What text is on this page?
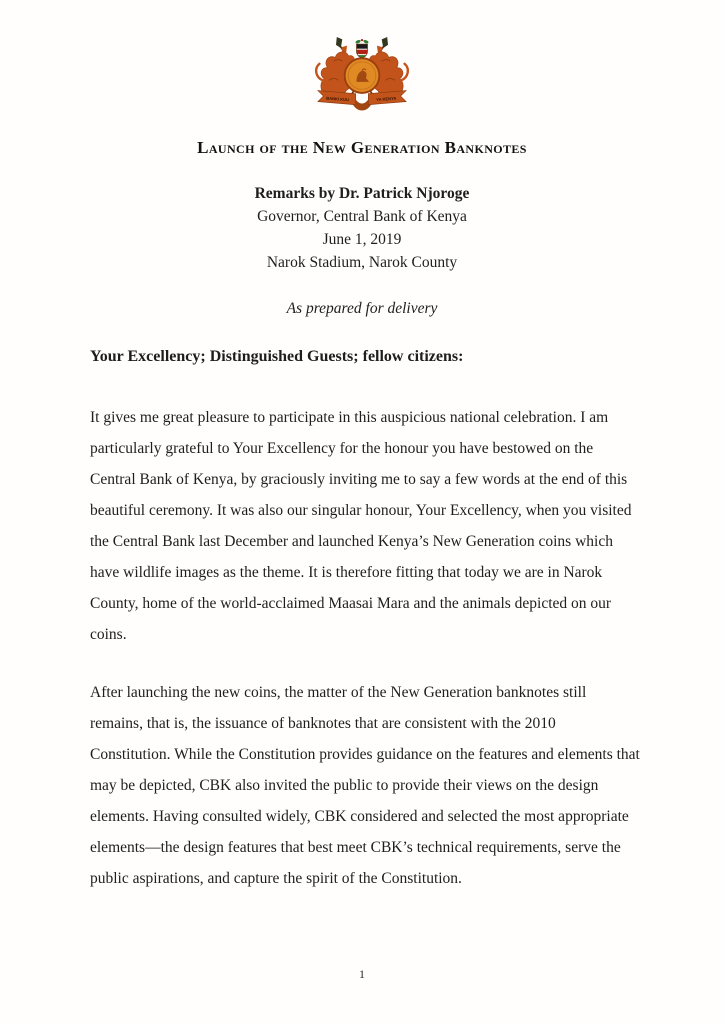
BANKI KUU	YA KENYA
Launch of the New Generation Banknotes
Remarks by Dr. Patrick Njoroge
Governor, Central Bank of Kenya
June 1, 2019
Narok Stadium, Narok County
As prepared for delivery
Your Excellency; Distinguished Guests; fellow citizens:

It gives me great pleasure to participate in this auspicious national celebration. I am particularly grateful to Your Excellency for the honour you have bestowed on the Central Bank of Kenya, by graciously inviting me to say a few words at the end of this beautiful ceremony. It was also our singular honour, Your Excellency, when you visited the Central Bank last December and launched Kenya’s New Generation coins which have wildlife images as the theme. It is therefore fitting that today we are in Narok County, home of the world-acclaimed Maasai Mara and the animals depicted on our coins.

After launching the new coins, the matter of the New Generation banknotes still remains, that is, the issuance of banknotes that are consistent with the 2010 Constitution. While the Constitution provides guidance on the features and elements that may be depicted, CBK also invited the public to provide their views on the design elements. Having consulted widely, CBK considered and selected the most appropriate elements—the design features that best meet CBK’s technical requirements, serve the public aspirations, and capture the spirit of the Constitution.

1
